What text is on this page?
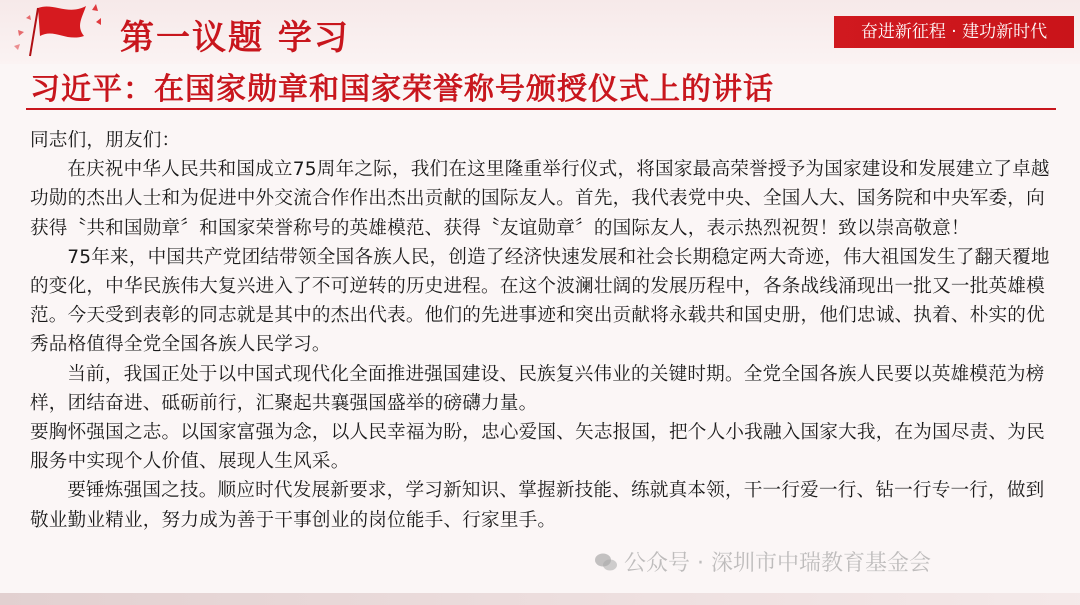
第一议题 学习	奋进新征程 · 建功新时代
习近平：在国家勋章和国家荣誉称号颁授仪式上的讲话

同志们，朋友们：

在庆祝中华人民共和国成立75周年之际，我们在这里隆重举行仪式，将国家最高荣誉授予为国家建设和发展建立了卓越功勋的杰出人士和为促进中外交流合作作出杰出贡献的国际友人。首先，我代表党中央、全国人大、国务院和中央军委，向获得〝共和国勋章〞和国家荣誉称号的英雄模范、获得〝友谊勋章〞的国际友人，表示热烈祝贺！致以崇高敬意！

75年来，中国共产党团结带领全国各族人民，创造了经济快速发展和社会长期稳定两大奇迹，伟大祖国发生了翻天覆地的变化，中华民族伟大复兴进入了不可逆转的历史进程。在这个波澜壮阔的发展历程中，各条战线涌现出一批又一批英雄模范。今天受到表彰的同志就是其中的杰出代表。他们的先进事迹和突出贡献将永载共和国史册，他们忠诚、执着、朴实的优秀品格值得全党全国各族人民学习。

当前，我国正处于以中国式现代化全面推进强国建设、民族复兴伟业的关键时期。全党全国各族人民要以英雄模范为榜样，团结奋进、砥砺前行，汇聚起共襄强国盛举的磅礴力量。

要胸怀强国之志。以国家富强为念，以人民幸福为盼，忠心爱国、矢志报国，把个人小我融入国家大我，在为国尽责、为民服务中实现个人价值、展现人生风采。

要锤炼强国之技。顺应时代发展新要求，学习新知识、掌握新技能、练就真本领，干一行爱一行、钻一行专一行，做到敬业勤业精业，努力成为善于干事创业的岗位能手、行家里手。

公众号 · 深圳市中瑞教育基金会
